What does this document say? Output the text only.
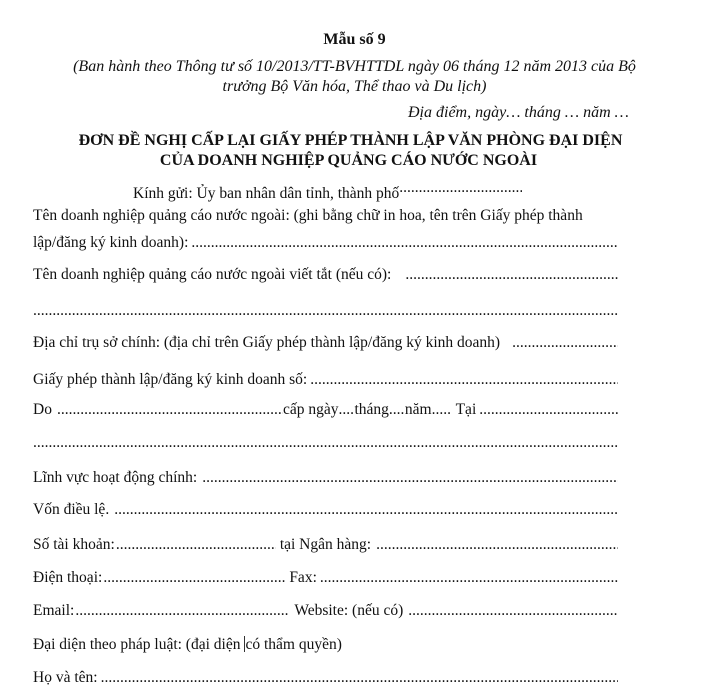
Mẫu số 9
(Ban hành theo Thông tư số 10/2013/TT-BVHTTDL ngày 06 tháng 12 năm 2013 của Bộ
trưởng Bộ Văn hóa, Thể thao và Du lịch)
Địa điểm, ngày… tháng … năm …
ĐƠN ĐỀ NGHỊ CẤP LẠI GIẤY PHÉP THÀNH LẬP VĂN PHÒNG ĐẠI DIỆN
CỦA DOANH NGHIỆP QUẢNG CÁO NƯỚC NGOÀI
Kính gửi: Ủy ban nhân dân tỉnh, thành phố.....
Tên doanh nghiệp quảng cáo nước ngoài: (ghi bằng chữ in hoa, tên trên Giấy phép thành
lập/đăng ký kinh doanh):
.....
Tên doanh nghiệp quảng cáo nước ngoài viết tắt (nếu có):
.....
.....
Địa chỉ trụ sở chính: (địa chỉ trên Giấy phép thành lập/đăng ký kinh doanh)
.....
Giấy phép thành lập/đăng ký kinh doanh số:
.....
Do .....	cấp ngày ..... tháng ..... năm ..... Tại
.....
.....
Lĩnh vực hoạt động chính:
.....
Vốn điều lệ.
.....
Số tài khoản: .....	tại Ngân hàng:
.....
Điện thoại: .....	Fax:
.....
Email: .....	Website: (nếu có)
.....
Đại diện theo pháp luật: (đại diện có thẩm quyền)
Họ và tên:
.....
